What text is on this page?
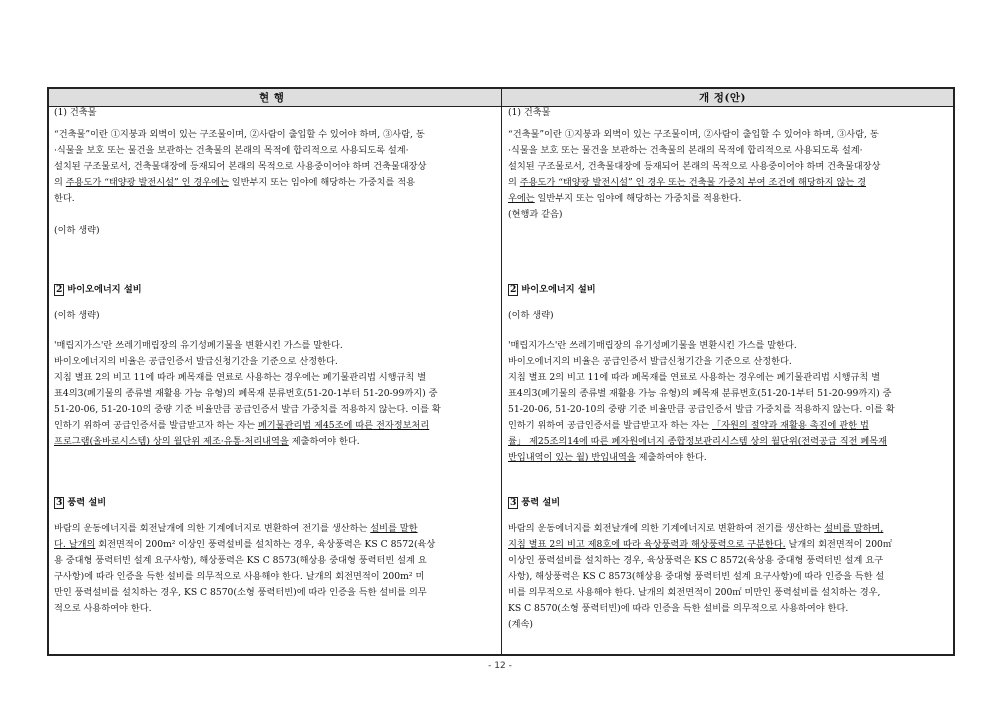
현 행	개 정(안)
(1) 건축물
“건축물”이란 ①지붕과 외벽이 있는 구조물이며, ②사람이 출입할 수 있어야 하며, ③사람, 동
·식물을 보호 또는 물건을 보관하는 건축물의 본래의 목적에 합리적으로 사용되도록 설계·
설치된 구조물로서, 건축물대장에 등재되어 본래의 목적으로 사용중이어야 하며 건축물대장상
의 주용도가 “태양광 발전시설” 인 경우에는 일반부지 또는 임야에 해당하는 가중치를 적용
한다.
(이하 생략)
2 바이오에너지 설비
(이하 생략)
'매립지가스'란 쓰레기매립장의 유기성폐기물을 변환시킨 가스를 말한다.
바이오에너지의 비율은 공급인증서 발급신청기간을 기준으로 산정한다.
지침 별표 2의 비고 11에 따라 폐목재를 연료로 사용하는 경우에는 폐기물관리법 시행규칙 별
표4의3(폐기물의 종류별 재활용 가능 유형)의 폐목재 분류번호(51-20-1부터 51-20-99까지) 중
51-20-06, 51-20-10의 중량 기준 비율만큼 공급인증서 발급 가중치를 적용하지 않는다. 이를 확
인하기 위하여 공급인증서를 발급받고자 하는 자는 폐기물관리법 제45조에 따른 전자정보처리
프로그램(올바로시스템) 상의 월단위 제조·유통·처리내역을 제출하여야 한다.
3 풍력 설비
바람의 운동에너지를 회전날개에 의한 기계에너지로 변환하여 전기를 생산하는 설비를 말한
다. 날개의 회전면적이 200m² 이상인 풍력설비를 설치하는 경우, 육상풍력은 KS C 8572(육상
용 중대형 풍력터빈 설계 요구사항), 해상풍력은 KS C 8573(해상용 중대형 풍력터빈 설계 요
구사항)에 따라 인증을 득한 설비를 의무적으로 사용해야 한다. 날개의 회전면적이 200m² 미
만인 풍력설비를 설치하는 경우, KS C 8570(소형 풍력터빈)에 따라 인증을 득한 설비를 의무
적으로 사용하여야 한다.
(1) 건축물
“건축물”이란 ①지붕과 외벽이 있는 구조물이며, ②사람이 출입할 수 있어야 하며, ③사람, 동
·식물을 보호 또는 물건을 보관하는 건축물의 본래의 목적에 합리적으로 사용되도록 설계·
설치된 구조물로서, 건축물대장에 등재되어 본래의 목적으로 사용중이어야 하며 건축물대장상
의 주용도가 “태양광 발전시설” 인 경우 또는 건축물 가중치 부여 조건에 해당하지 않는 경
우에는 일반부지 또는 임야에 해당하는 가중치를 적용한다.
(현행과 같음)
2 바이오에너지 설비
(이하 생략)
'매립지가스'란 쓰레기매립장의 유기성폐기물을 변환시킨 가스를 말한다.
바이오에너지의 비율은 공급인증서 발급신청기간을 기준으로 산정한다.
지침 별표 2의 비고 11에 따라 폐목재를 연료로 사용하는 경우에는 폐기물관리법 시행규칙 별
표4의3(폐기물의 종류별 재활용 가능 유형)의 폐목재 분류번호(51-20-1부터 51-20-99까지) 중
51-20-06, 51-20-10의 중량 기준 비율만큼 공급인증서 발급 가중치를 적용하지 않는다. 이를 확
인하기 위하여 공급인증서를 발급받고자 하는 자는 「자원의 절약과 재활용 촉진에 관한 법
률」 제25조의14에 따른 폐자원에너지 종합정보관리시스템 상의 월단위(전력공급 직전 폐목재
반입내역이 있는 월) 반입내역을 제출하여야 한다.
3 풍력 설비
바람의 운동에너지를 회전날개에 의한 기계에너지로 변환하여 전기를 생산하는 설비를 말하며,
지침 별표 2의 비고 제8호에 따라 육상풍력과 해상풍력으로 구분한다. 날개의 회전면적이 200㎡
이상인 풍력설비를 설치하는 경우, 육상풍력은 KS C 8572(육상용 중대형 풍력터빈 설계 요구
사항), 해상풍력은 KS C 8573(해상용 중대형 풍력터빈 설계 요구사항)에 따라 인증을 득한 설
비를 의무적으로 사용해야 한다. 날개의 회전면적이 200㎡ 미만인 풍력설비를 설치하는 경우,
KS C 8570(소형 풍력터빈)에 따라 인증을 득한 설비를 의무적으로 사용하여야 한다.
(계속)
- 12 -
